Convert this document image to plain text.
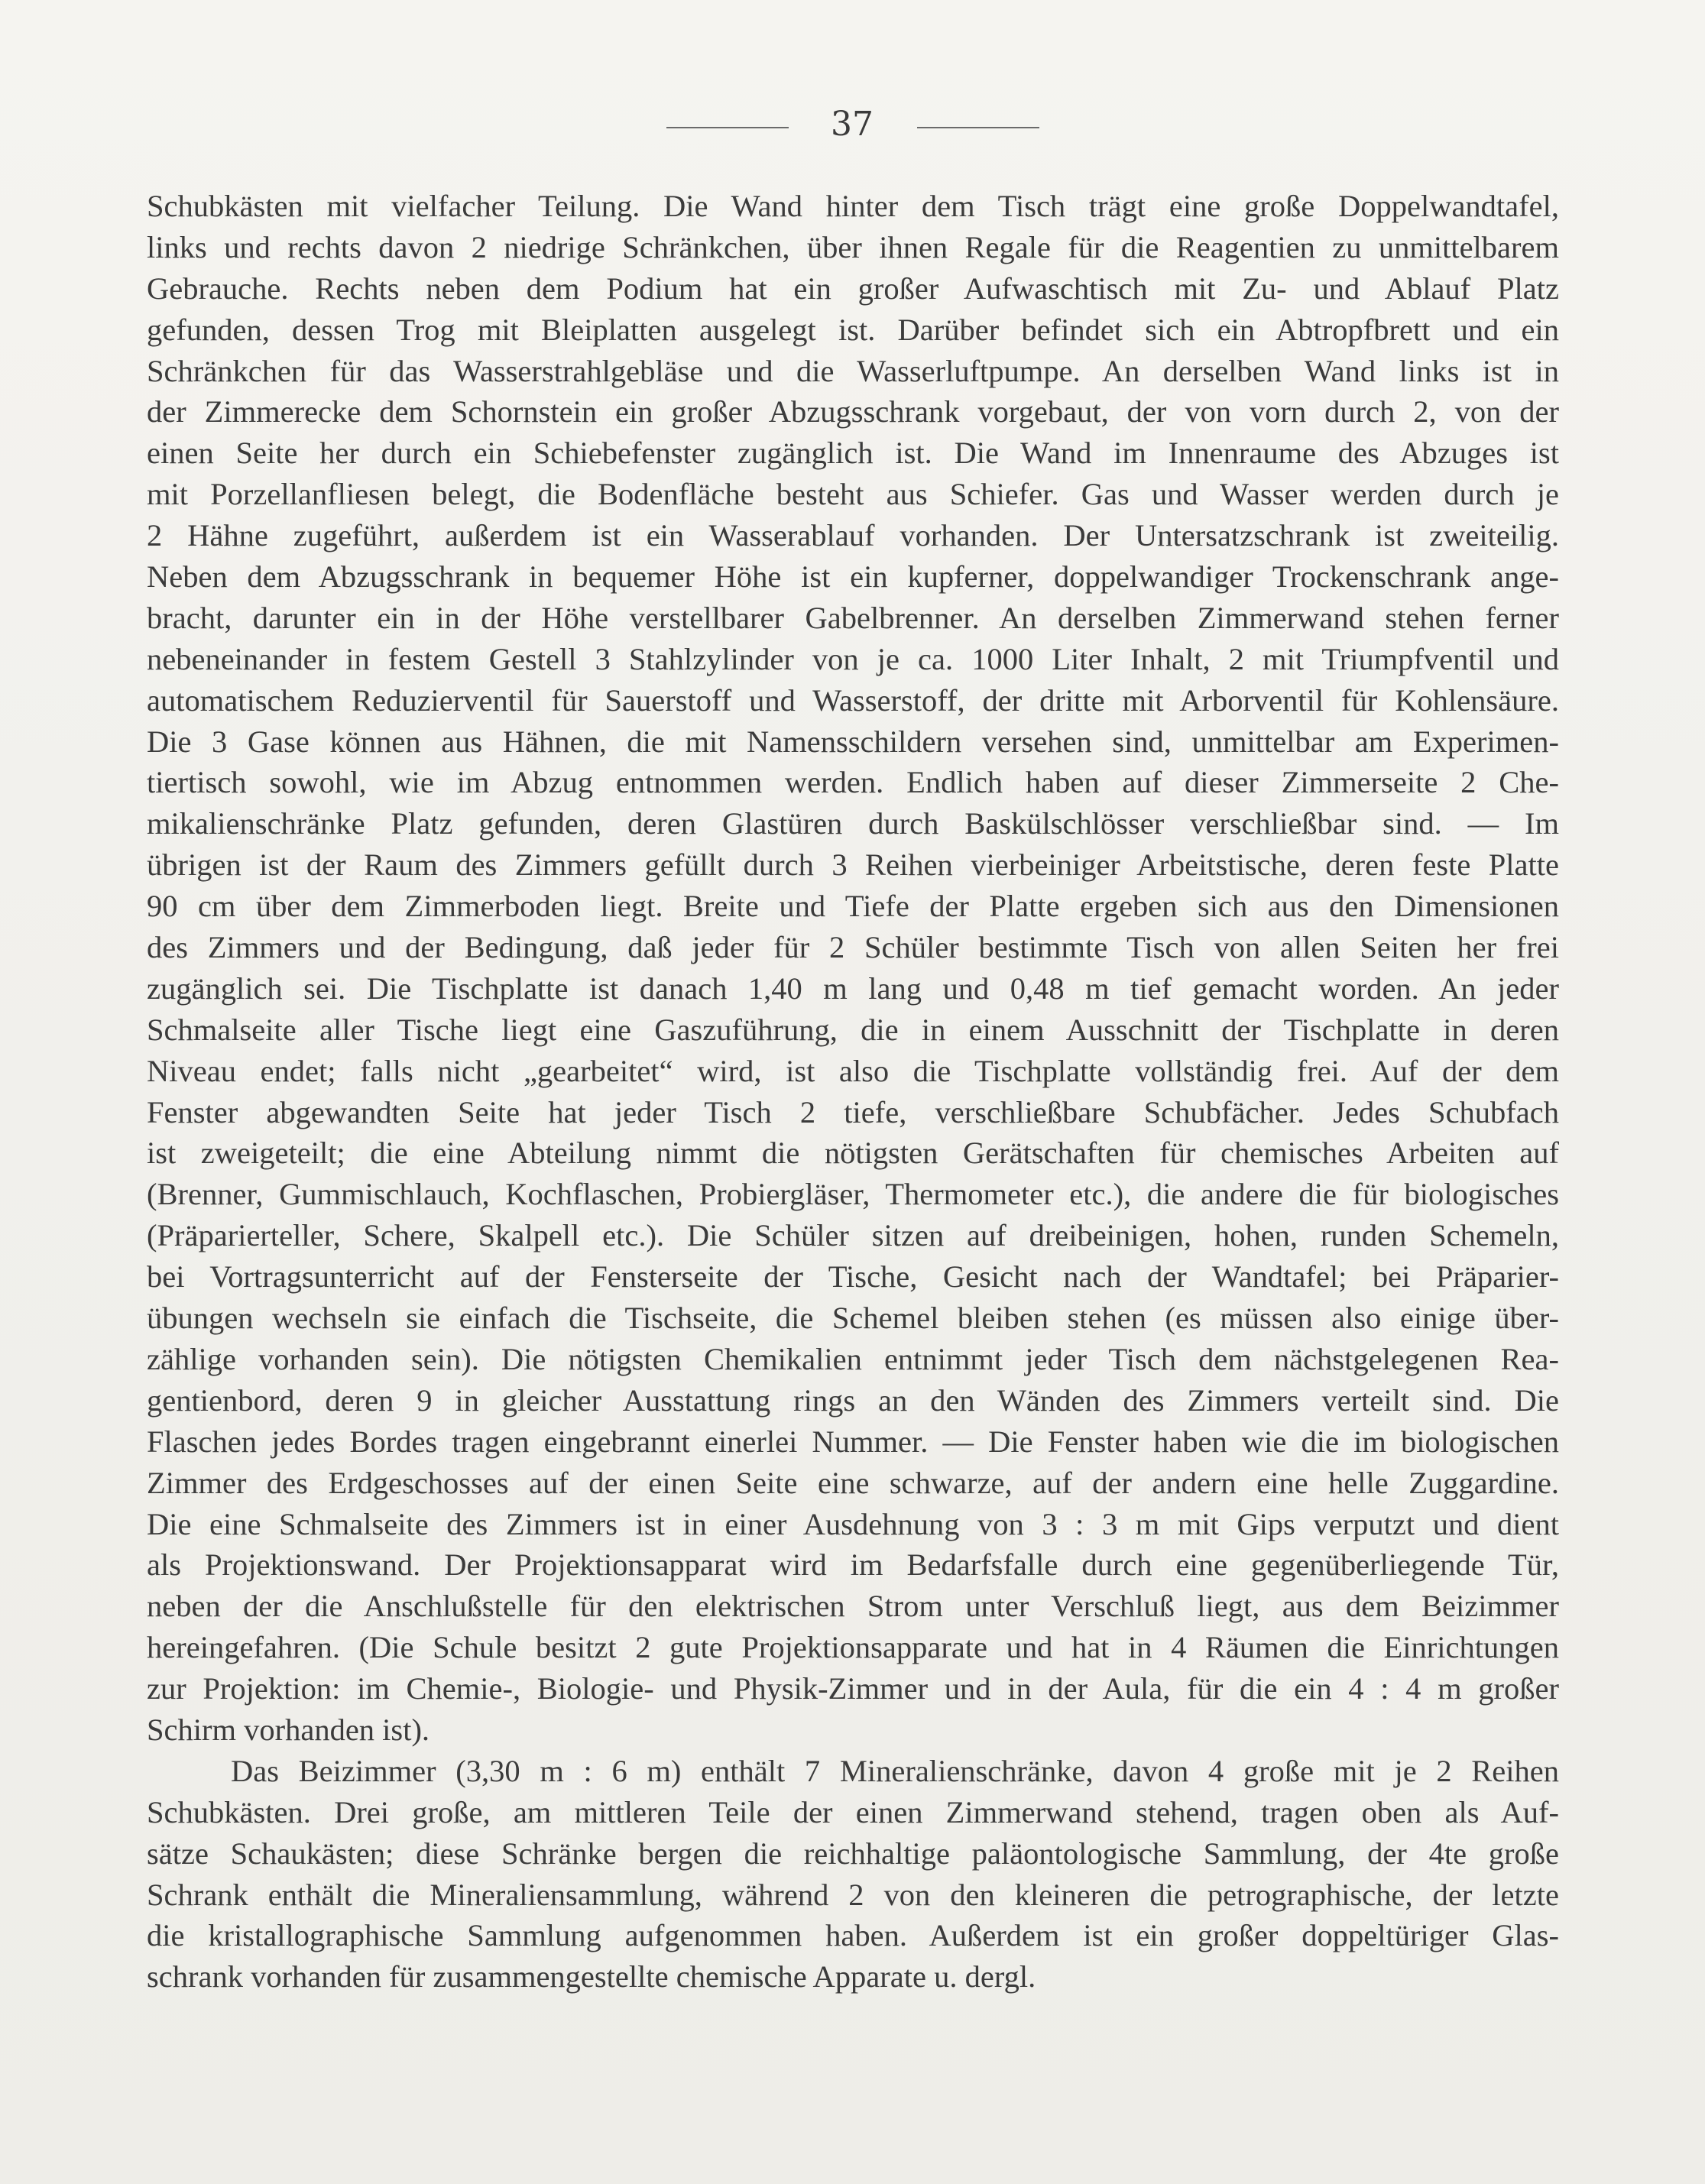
37
Schubkästen mit vielfacher Teilung. Die Wand hinter dem Tisch trägt eine große Doppelwandtafel,
links und rechts davon 2 niedrige Schränkchen, über ihnen Regale für die Reagentien zu unmittelbarem
Gebrauche. Rechts neben dem Podium hat ein großer Aufwaschtisch mit Zu- und Ablauf Platz
gefunden, dessen Trog mit Bleiplatten ausgelegt ist. Darüber befindet sich ein Abtropfbrett und ein
Schränkchen für das Wasserstrahlgebläse und die Wasserluftpumpe. An derselben Wand links ist in
der Zimmerecke dem Schornstein ein großer Abzugsschrank vorgebaut, der von vorn durch 2, von der
einen Seite her durch ein Schiebefenster zugänglich ist. Die Wand im Innenraume des Abzuges ist
mit Porzellanfliesen belegt, die Bodenfläche besteht aus Schiefer. Gas und Wasser werden durch je
2 Hähne zugeführt, außerdem ist ein Wasserablauf vorhanden. Der Untersatzschrank ist zweiteilig.
Neben dem Abzugsschrank in bequemer Höhe ist ein kupferner, doppelwandiger Trockenschrank ange-
bracht, darunter ein in der Höhe verstellbarer Gabelbrenner. An derselben Zimmerwand stehen ferner
nebeneinander in festem Gestell 3 Stahlzylinder von je ca. 1000 Liter Inhalt, 2 mit Triumpfventil und
automatischem Reduzierventil für Sauerstoff und Wasserstoff, der dritte mit Arborventil für Kohlensäure.
Die 3 Gase können aus Hähnen, die mit Namensschildern versehen sind, unmittelbar am Experimen-
tiertisch sowohl, wie im Abzug entnommen werden. Endlich haben auf dieser Zimmerseite 2 Che-
mikalienschränke Platz gefunden, deren Glastüren durch Baskülschlösser verschließbar sind. — Im
übrigen ist der Raum des Zimmers gefüllt durch 3 Reihen vierbeiniger Arbeitstische, deren feste Platte
90 cm über dem Zimmerboden liegt. Breite und Tiefe der Platte ergeben sich aus den Dimensionen
des Zimmers und der Bedingung, daß jeder für 2 Schüler bestimmte Tisch von allen Seiten her frei
zugänglich sei. Die Tischplatte ist danach 1,40 m lang und 0,48 m tief gemacht worden. An jeder
Schmalseite aller Tische liegt eine Gaszuführung, die in einem Ausschnitt der Tischplatte in deren
Niveau endet; falls nicht „gearbeitet“ wird, ist also die Tischplatte vollständig frei. Auf der dem
Fenster abgewandten Seite hat jeder Tisch 2 tiefe, verschließbare Schubfächer. Jedes Schubfach
ist zweigeteilt; die eine Abteilung nimmt die nötigsten Gerätschaften für chemisches Arbeiten auf
(Brenner, Gummischlauch, Kochflaschen, Probiergläser, Thermometer etc.), die andere die für biologisches
(Präparierteller, Schere, Skalpell etc.). Die Schüler sitzen auf dreibeinigen, hohen, runden Schemeln,
bei Vortragsunterricht auf der Fensterseite der Tische, Gesicht nach der Wandtafel; bei Präparier-
übungen wechseln sie einfach die Tischseite, die Schemel bleiben stehen (es müssen also einige über-
zählige vorhanden sein). Die nötigsten Chemikalien entnimmt jeder Tisch dem nächstgelegenen Rea-
gentienbord, deren 9 in gleicher Ausstattung rings an den Wänden des Zimmers verteilt sind. Die
Flaschen jedes Bordes tragen eingebrannt einerlei Nummer. — Die Fenster haben wie die im biologischen
Zimmer des Erdgeschosses auf der einen Seite eine schwarze, auf der andern eine helle Zuggardine.
Die eine Schmalseite des Zimmers ist in einer Ausdehnung von 3 : 3 m mit Gips verputzt und dient
als Projektionswand. Der Projektionsapparat wird im Bedarfsfalle durch eine gegenüberliegende Tür,
neben der die Anschlußstelle für den elektrischen Strom unter Verschluß liegt, aus dem Beizimmer
hereingefahren. (Die Schule besitzt 2 gute Projektionsapparate und hat in 4 Räumen die Einrichtungen
zur Projektion: im Chemie-, Biologie- und Physik-Zimmer und in der Aula, für die ein 4 : 4 m großer
Schirm vorhanden ist).
Das Beizimmer (3,30 m : 6 m) enthält 7 Mineralienschränke, davon 4 große mit je 2 Reihen
Schubkästen. Drei große, am mittleren Teile der einen Zimmerwand stehend, tragen oben als Auf-
sätze Schaukästen; diese Schränke bergen die reichhaltige paläontologische Sammlung, der 4te große
Schrank enthält die Mineraliensammlung, während 2 von den kleineren die petrographische, der letzte
die kristallographische Sammlung aufgenommen haben. Außerdem ist ein großer doppeltüriger Glas-
schrank vorhanden für zusammengestellte chemische Apparate u. dergl.
